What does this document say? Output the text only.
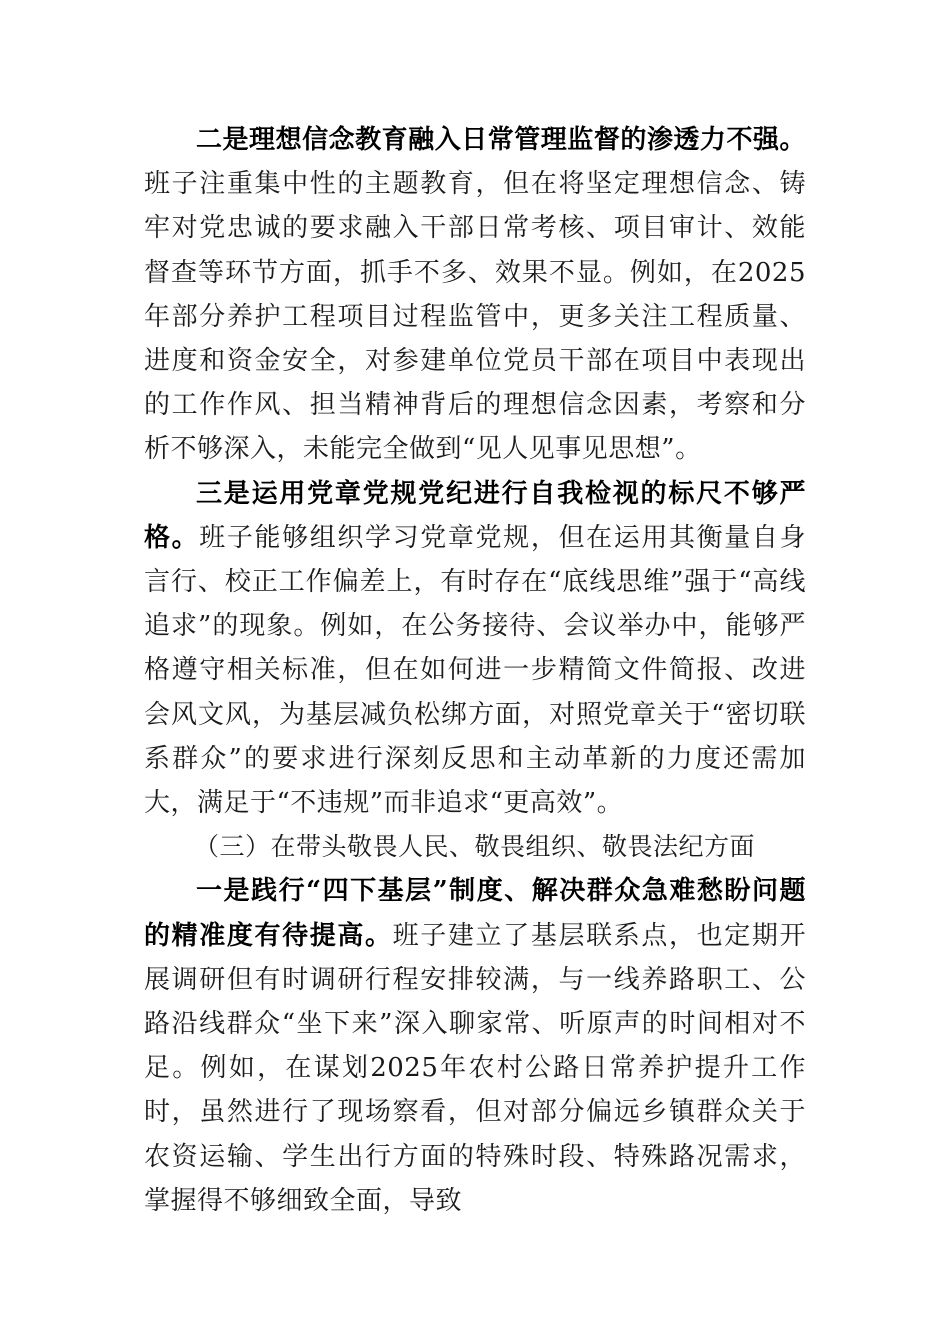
二是理想信念教育融入日常管理监督的渗透力不强。班子注重集中性的主题教育，但在将坚定理想信念、铸牢对党忠诚的要求融入干部日常考核、项目审计、效能督查等环节方面，抓手不多、效果不显。例如，在2025年部分养护工程项目过程监管中，更多关注工程质量、进度和资金安全，对参建单位党员干部在项目中表现出的工作作风、担当精神背后的理想信念因素，考察和分析不够深入，未能完全做到“见人见事见思想”。

三是运用党章党规党纪进行自我检视的标尺不够严格。班子能够组织学习党章党规，但在运用其衡量自身言行、校正工作偏差上，有时存在“底线思维”强于“高线追求”的现象。例如，在公务接待、会议举办中，能够严格遵守相关标准，但在如何进一步精简文件简报、改进会风文风，为基层减负松绑方面，对照党章关于“密切联系群众”的要求进行深刻反思和主动革新的力度还需加大，满足于“不违规”而非追求“更高效”。

（三）在带头敬畏人民、敬畏组织、敬畏法纪方面

一是践行“四下基层”制度、解决群众急难愁盼问题的精准度有待提高。班子建立了基层联系点，也定期开展调研但有时调研行程安排较满，与一线养路职工、公路沿线群众“坐下来”深入聊家常、听原声的时间相对不足。例如，在谋划2025年农村公路日常养护提升工作时，虽然进行了现场察看，但对部分偏远乡镇群众关于农资运输、学生出行方面的特殊时段、特殊路况需求，掌握得不够细致全面，导致
